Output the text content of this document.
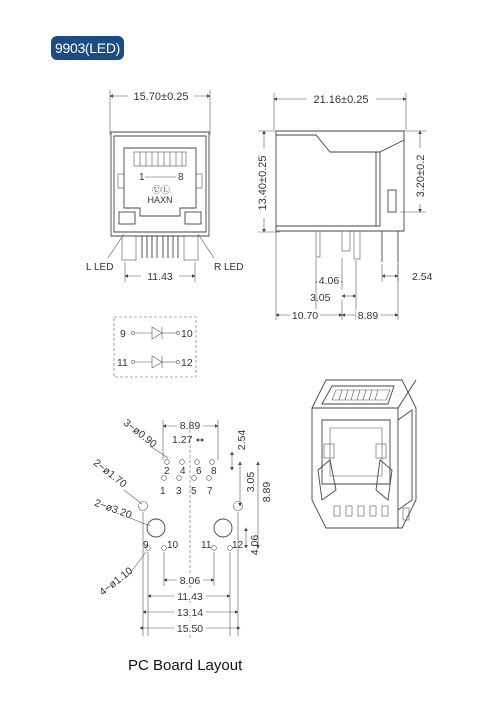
9903(LED)
15.70±0.25
1	8
ⓊⓁ
HAXN
L LED	R LED
11.43
21.16±0.25
13.40±0.25	3.20±0.2
4.06	2.54
3.05
10.70	8.89
9	10
11	12
8.89
1.27	2.54
3−ø0.90
2 4 6 8
1 3 5 7	3.05 8.89
2−ø1.70
2−ø3.20
9 10 11 12 4.06
4−ø1.10	8.06
11.43
13.14
15.50
PC Board Layout
